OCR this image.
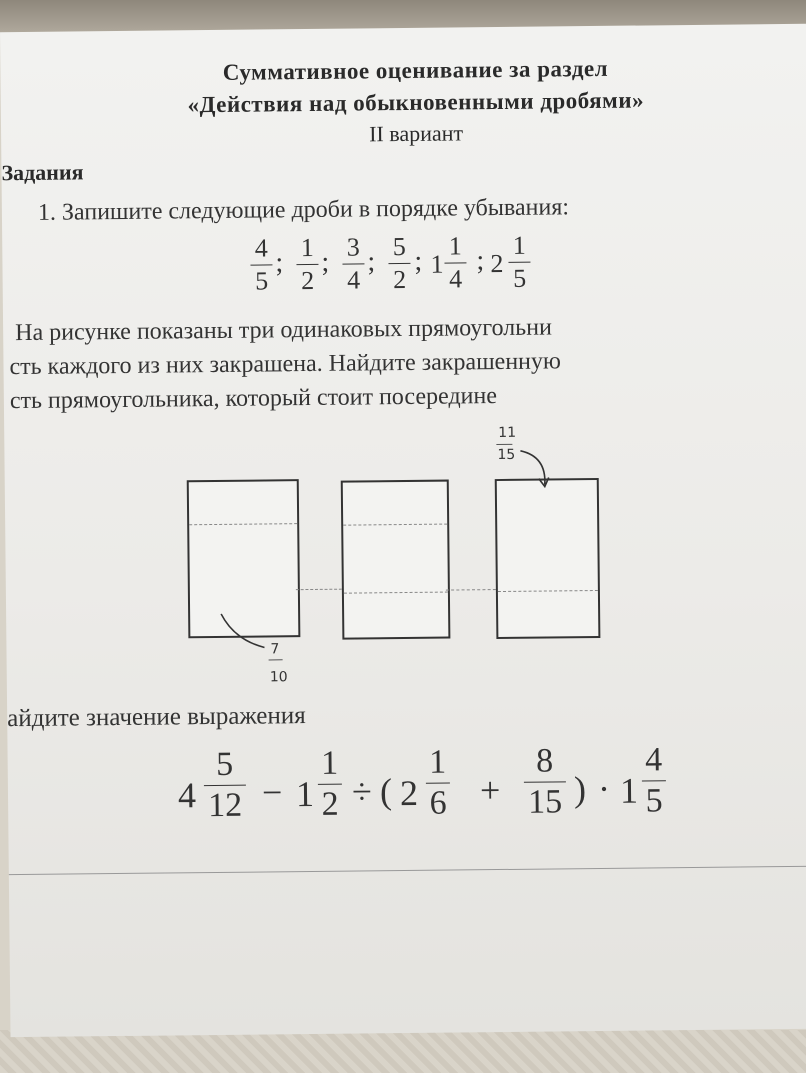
Суммативное оценивание за раздел
«Действия над обыкновенными дробями»
II вариант
Задания
1. Запишите следующие дроби в порядке убывания:
4
5
; 1
2
; 3
4
; 5
2
; 1
1
4
; 2
1
5
На рисунке показаны три одинаковых прямоугольни
сть каждого из них закрашена. Найдите закрашенную
сть прямоугольника, который стоит посередине
7
10
11
15
айдите значение выражения
4
5
12 − 1
1
2 ÷ ( 2
1
6 +
8
15 ) · 1
4
5
